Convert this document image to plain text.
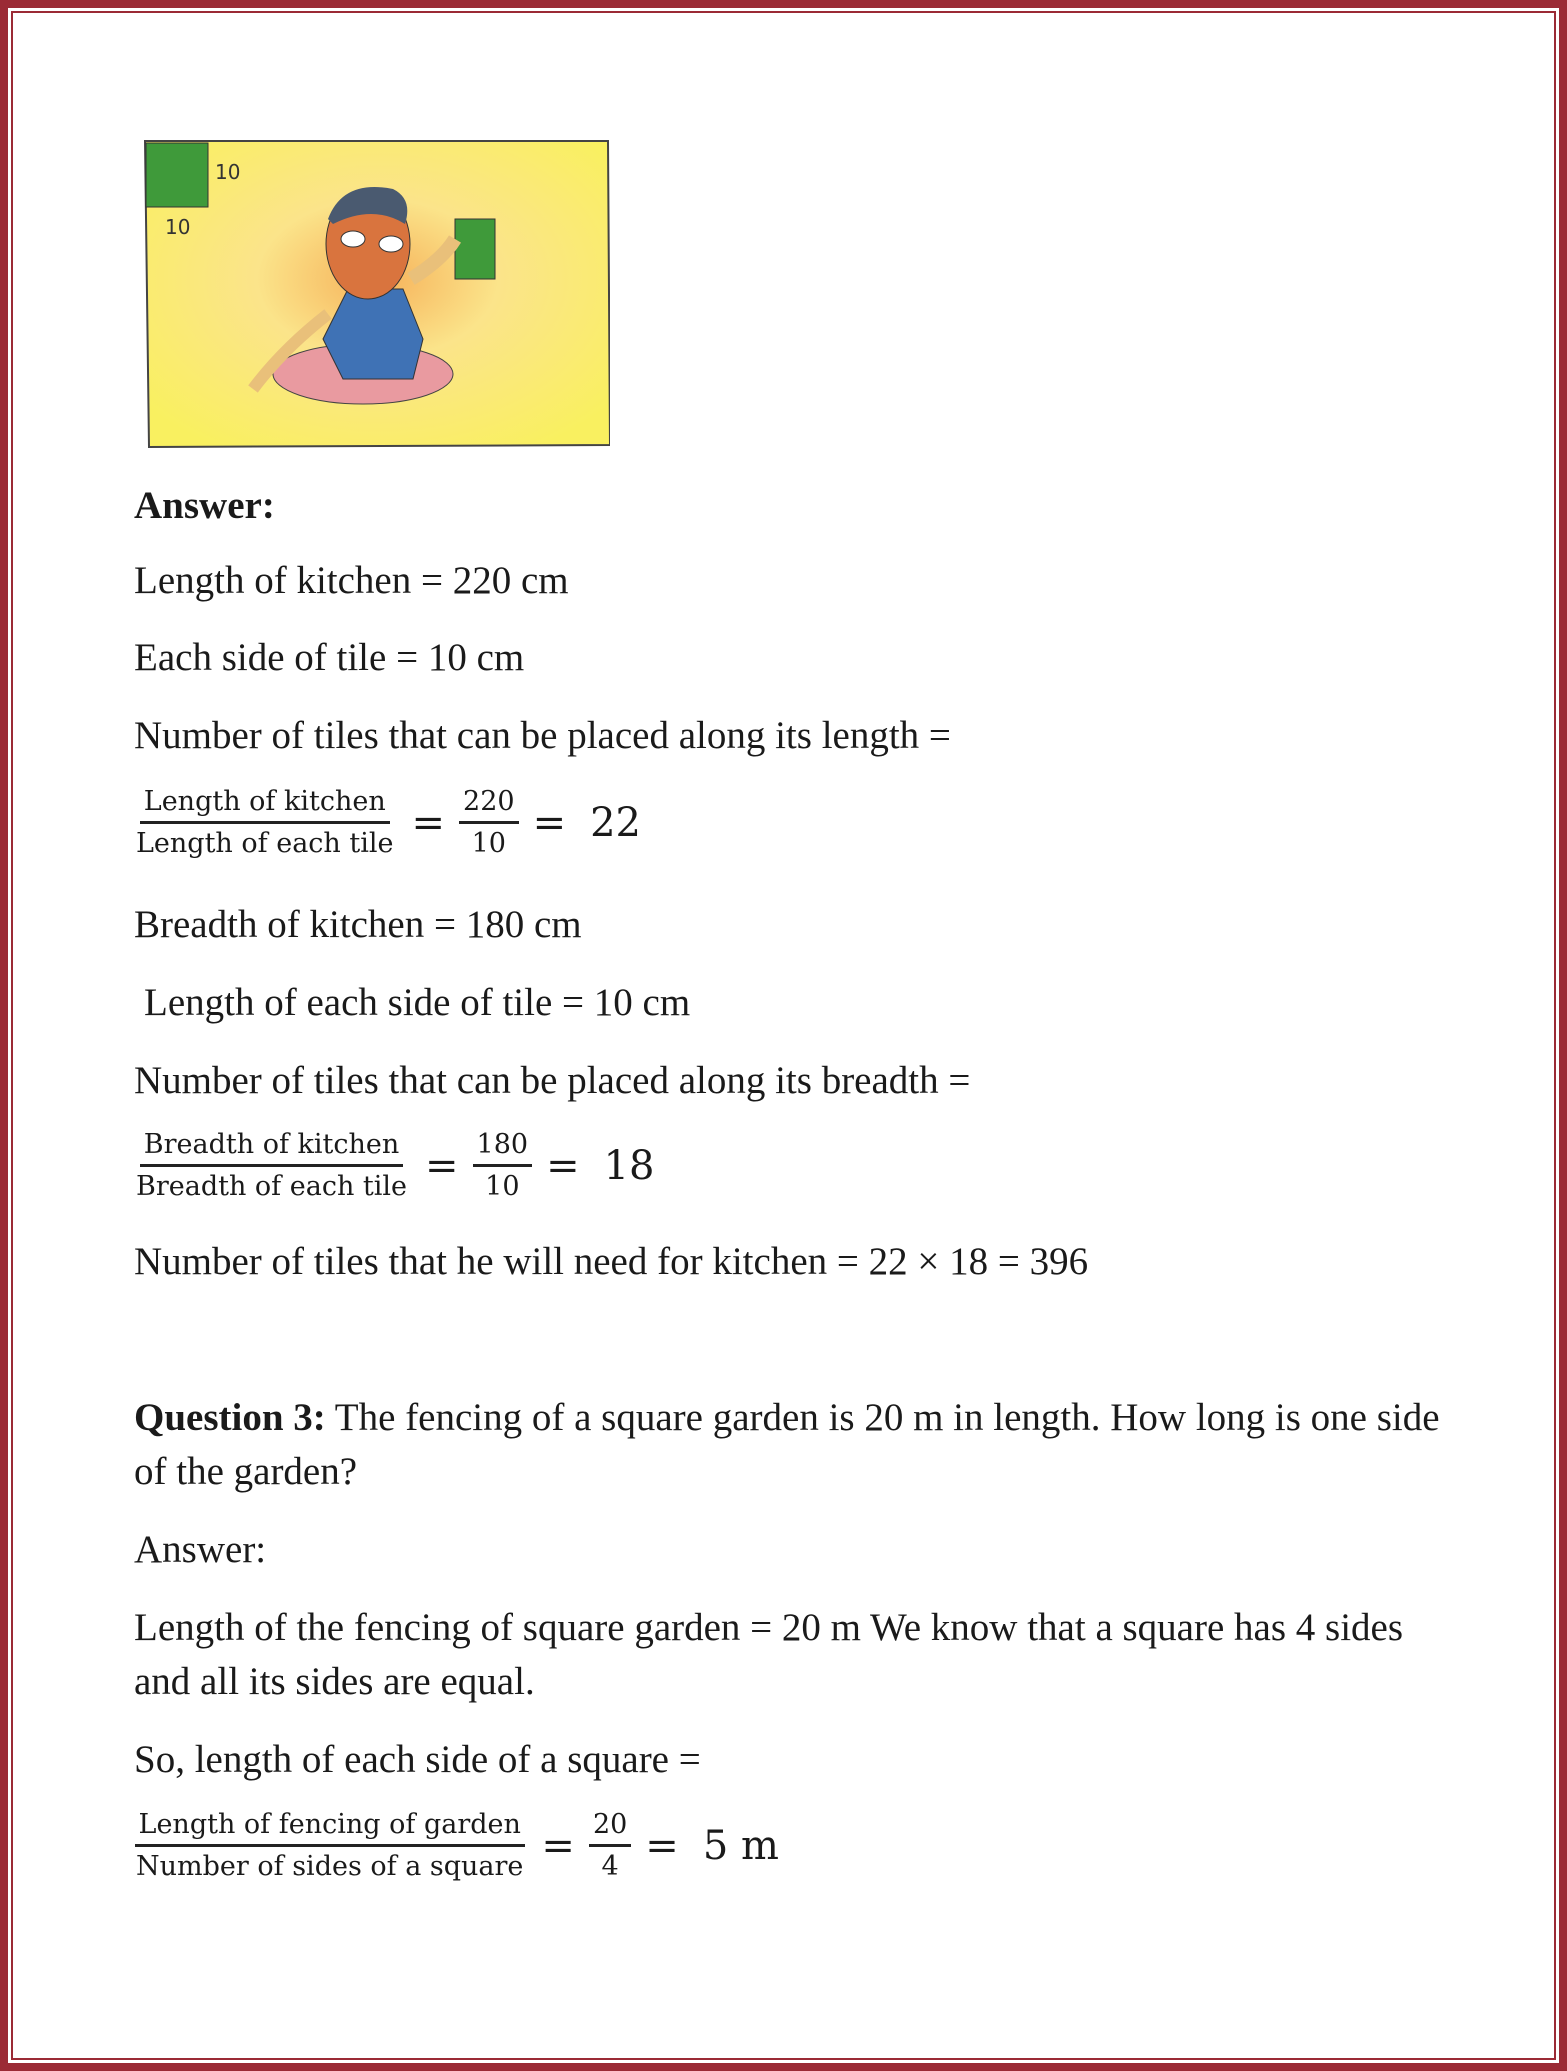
10
10
Answer:
Length of kitchen = 220 cm
Each side of tile = 10 cm
Number of tiles that can be placed along its length =
$\frac{\text{Length of kitchen}}{\text{Length of each tile}} = \frac{220}{10} = 22$
Breadth of kitchen = 180 cm
Length of each side of tile = 10 cm
Number of tiles that can be placed along its breadth =
$\frac{\text{Breadth of kitchen}}{\text{Breadth of each tile}} = \frac{180}{10} = 18$
Number of tiles that he will need for kitchen = 22 × 18 = 396
Question 3: The fencing of a square garden is 20 m in length. How long is one side of the garden?
Answer:
Length of the fencing of square garden = 20 m We know that a square has 4 sides and all its sides are equal.
So, length of each side of a square =
$\frac{\text{Length of fencing of garden}}{\text{Number of sides of a square}} = \frac{20}{4} = 5$ m
